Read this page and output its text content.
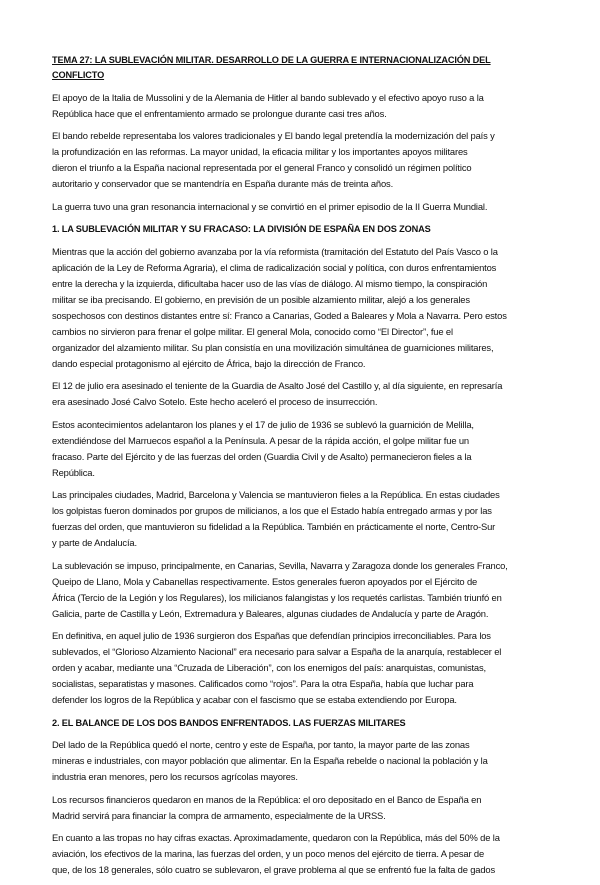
TEMA 27: LA SUBLEVACIÓN MILITAR. DESARROLLO DE LA GUERRA E INTERNACIONALIZACIÓN DEL
CONFLICTO
El apoyo de la Italia de Mussolini y de la Alemania de Hitler al bando sublevado y el efectivo apoyo ruso a la
República hace que el enfrentamiento armado se prolongue durante casi tres años.
El bando rebelde representaba los valores tradicionales y El bando legal pretendía la modernización del país y
la profundización en las reformas. La mayor unidad, la eficacia militar y los importantes apoyos militares
dieron el triunfo a la España nacional representada por el general Franco y consolidó un régimen político
autoritario y conservador que se mantendría en España durante más de treinta años.
La guerra tuvo una gran resonancia internacional y se convirtió en el primer episodio de la II Guerra Mundial.
1. LA SUBLEVACIÓN MILITAR Y SU FRACASO: LA DIVISIÓN DE ESPAÑA EN DOS ZONAS
Mientras que la acción del gobierno avanzaba por la vía reformista (tramitación del Estatuto del País Vasco o la
aplicación de la Ley de Reforma Agraria), el clima de radicalización social y política, con duros enfrentamientos
entre la derecha y la izquierda, dificultaba hacer uso de las vías de diálogo. Al mismo tiempo, la conspiración
militar se iba precisando. El gobierno, en previsión de un posible alzamiento militar, alejó a los generales
sospechosos con destinos distantes entre sí: Franco a Canarias, Goded a Baleares y Mola a Navarra. Pero estos
cambios no sirvieron para frenar el golpe militar. El general Mola, conocido como “El Director”, fue el
organizador del alzamiento militar. Su plan consistía en una movilización simultánea de guarniciones militares,
dando especial protagonismo al ejército de África, bajo la dirección de Franco.
El 12 de julio era asesinado el teniente de la Guardia de Asalto José del Castillo y, al día siguiente, en represaría
era asesinado José Calvo Sotelo. Este hecho aceleró el proceso de insurrección.
Estos acontecimientos adelantaron los planes y el 17 de julio de 1936 se sublevó la guarnición de Melilla,
extendiéndose del Marruecos español a la Península. A pesar de la rápida acción, el golpe militar fue un
fracaso. Parte del Ejército y de las fuerzas del orden (Guardia Civil y de Asalto) permanecieron fieles a la
República.
Las principales ciudades, Madrid, Barcelona y Valencia se mantuvieron fieles a la República. En estas ciudades
los golpistas fueron dominados por grupos de milicianos, a los que el Estado había entregado armas y por las
fuerzas del orden, que mantuvieron su fidelidad a la República. También en prácticamente el norte, Centro-Sur
y parte de Andalucía.
La sublevación se impuso, principalmente, en Canarias, Sevilla, Navarra y Zaragoza donde los generales Franco,
Queipo de Llano, Mola y Cabanellas respectivamente. Estos generales fueron apoyados por el Ejército de
África (Tercio de la Legión y los Regulares), los milicianos falangistas y los requetés carlistas. También triunfó en
Galicia, parte de Castilla y León, Extremadura y Baleares, algunas ciudades de Andalucía y parte de Aragón.
En definitiva, en aquel julio de 1936 surgieron dos Españas que defendían principios irreconciliables. Para los
sublevados, el “Glorioso Alzamiento Nacional” era necesario para salvar a España de la anarquía, restablecer el
orden y acabar, mediante una “Cruzada de Liberación”, con los enemigos del país: anarquistas, comunistas,
socialistas, separatistas y masones. Calificados como “rojos”. Para la otra España, había que luchar para
defender los logros de la República y acabar con el fascismo que se estaba extendiendo por Europa.
2. EL BALANCE DE LOS DOS BANDOS ENFRENTADOS. LAS FUERZAS MILITARES
Del lado de la República quedó el norte, centro y este de España, por tanto, la mayor parte de las zonas
mineras e industriales, con mayor población que alimentar. En la España rebelde o nacional la población y la
industria eran menores, pero los recursos agrícolas mayores.
Los recursos financieros quedaron en manos de la República: el oro depositado en el Banco de España en
Madrid servirá para financiar la compra de armamento, especialmente de la URSS.
En cuanto a las tropas no hay cifras exactas. Aproximadamente, quedaron con la República, más del 50% de la
aviación, los efectivos de la marina, las fuerzas del orden, y un poco menos del ejército de tierra. A pesar de
que, de los 18 generales, sólo cuatro se sublevaron, el grave problema al que se enfrentó fue la falta de gados
